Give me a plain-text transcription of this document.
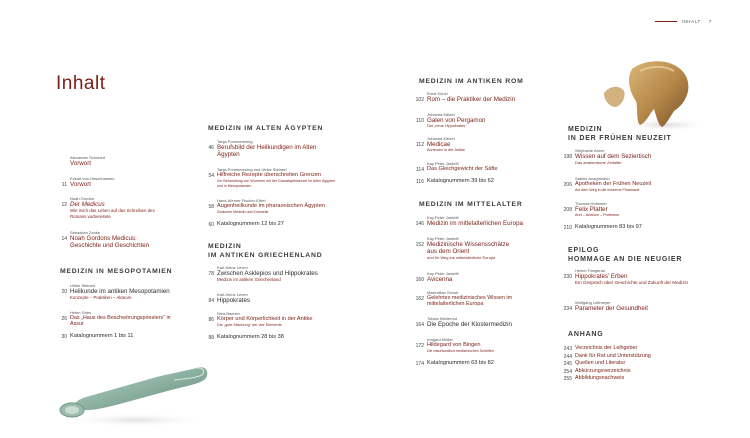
INHALT 7
Inhalt
Alexander Schubert
Vorwort
11
Eckart von Hirschhausen
Vorwort
12
Noah Gordon
Der Medicus
Wie mich das Leben auf das Schreiben des Romans vorbereitete
14
Sebastian Zanke
Noah Gordons Medicus:
Geschichte und Geschichten
MEDIZIN IN MESOPOTAMIEN
20
Ulrike Steinert
Heilkunde im antiken Mesopotamien
Konzepte – Praktiken – Akteure
26
Helen Gries
Das „Haus des Beschwörungspriesters“ in Assur
30 Katalognummern 1 bis 11
MEDIZIN IM ALTEN ÄGYPTEN
46
Tanja Pommerening
Berufsbild der Heilkundigen im Alten Ägypten
54
Tanja Pommerening und Ulrike Steinert
Hilfreiche Rezepte überschreiten Grenzen
Zur Behandlung von Wurmern mit der Granatapfelwurzel im Alten Ägypten und in Mesopotamien
58
Hans-Werner Fischer-Elfert
Augenheilkunde im pharaonischen Ägypten
Zwischen Medizin und Kosmetik
60 Katalognummern 12 bis 27
MEDIZIN
IM ANTIKEN GRIECHENLAND
78
Karl-Heinz Leven
Zwischen Asklepios und Hippokrates
Medizin im antiken Griechenland
84
Karl-Heinz Leven
Hippokrates
86
Nina Bachler
Körper und Körperlichkeit in der Antike
Die „gute Mischung“ der vier Elemente
88 Katalognummern 28 bis 38
MEDIZIN IM ANTIKEN ROM
102
Ernst Künzl
Rom – die Praktiker der Medizin
110
Johanna Kätzel
Galen von Pergamon
Der „neue Hippokrates“
112
Johanna Kätzel
Medicae
Ärztinnen in der Antike
114
Kay Peter Jankrift
Das Gleichgewicht der Säfte
116 Katalognummern 39 bis 62
MEDIZIN IM MITTELALTER
146
Kay Peter Jankrift
Medizin im mittelalterlichen Europa
152
Kay Peter Jankrift
Medizinische Wissensschätze aus dem Orient
und ihr Weg ins mittelalterliche Europa
160
Kay Peter Jankrift
Avicenna
162
Maximilian Schuh
Gelehrtes medizinisches Wissen im mittelalterlichen Europa
164
Tobias Niederhut
Die Epoche der Klostermedizin
172
Irmgard Müller
Hildegard von Bingen
Die naturkundlich-medizinischen Schriften
174 Katalognummern 63 bis 82
MEDIZIN
IN DER FRÜHEN NEUZEIT
198
Stephanie Armer
Wissen auf dem Seziertisch
Das anatomische Zeitalter
206
Sabine Anagnostou
Apotheken der Frühen Neuzeit
Auf dem Weg in die moderne Pharmazie
208
Thomas Hofmeier
Felix Platter
Arzt – Anatom – Professor
210 Katalognummern 83 bis 97
EPILOG
HOMMAGE AN DIE NEUGIER
230
Heiner Fangerau
Hippokrates' Erben
Ein Gespräch über Geschichte und Zukunft der Medizin
234
Wolfgang Leitmeyer
Parameter der Gesundheit
ANHANG
243 Verzeichnis der Leihgeber
244 Dank für Rat und Unterstützung
245 Quellen und Literatur
254 Abkürzungsverzeichnis
255 Abbildungsnachweis
